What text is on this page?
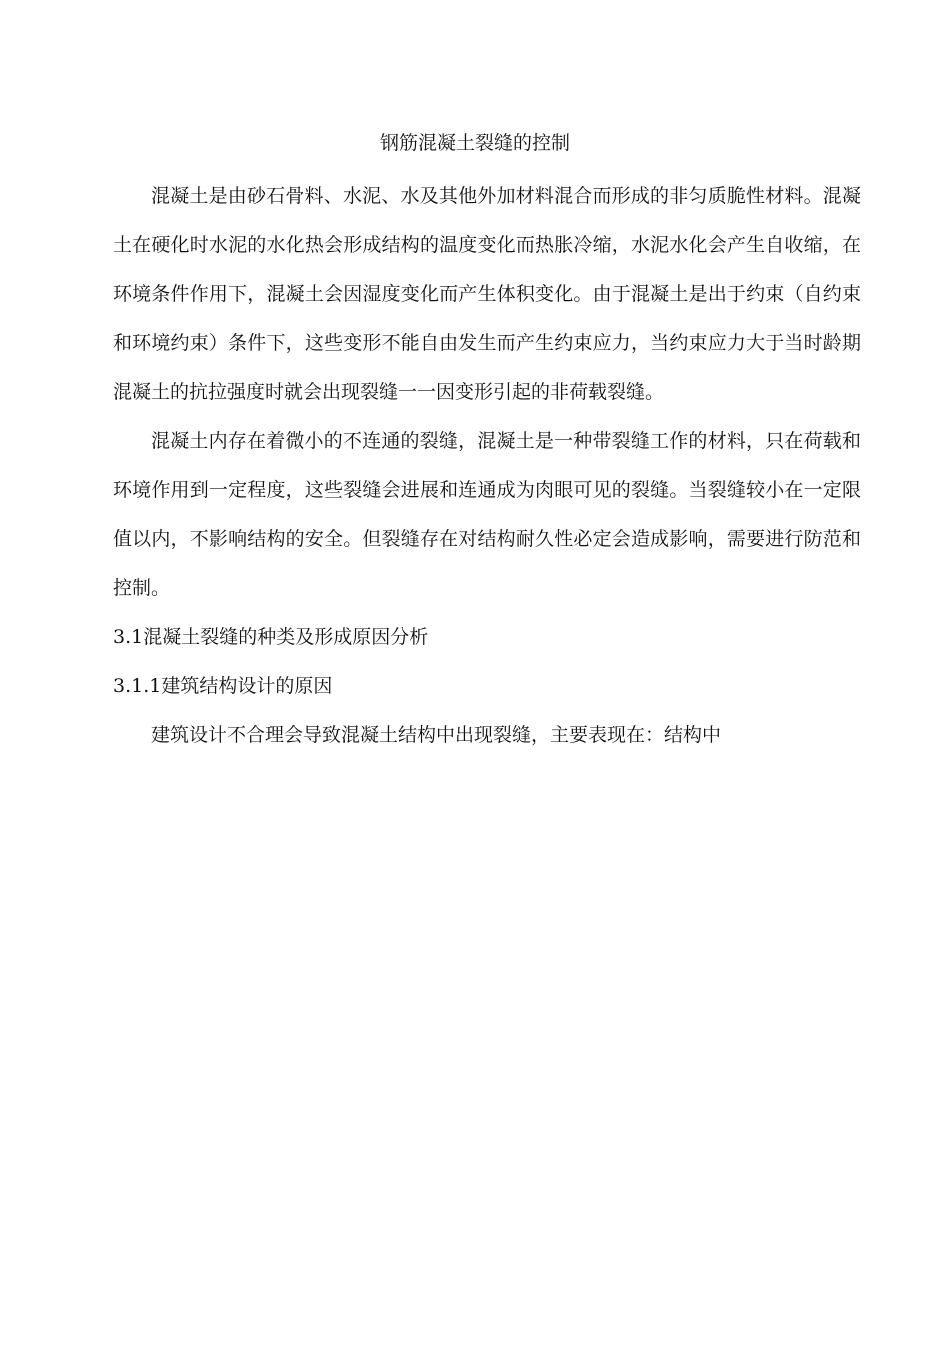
钢筋混凝土裂缝的控制

混凝土是由砂石骨料、水泥、水及其他外加材料混合而形成的非匀质脆性材料。混凝土在硬化时水泥的水化热会形成结构的温度变化而热胀冷缩，水泥水化会产生自收缩，在环境条件作用下，混凝土会因湿度变化而产生体积变化。由于混凝土是出于约束（自约束和环境约束）条件下，这些变形不能自由发生而产生约束应力，当约束应力大于当时龄期混凝土的抗拉强度时就会出现裂缝一一因变形引起的非荷载裂缝。

混凝土内存在着微小的不连通的裂缝，混凝土是一种带裂缝工作的材料，只在荷载和环境作用到一定程度，这些裂缝会进展和连通成为肉眼可见的裂缝。当裂缝较小在一定限值以内，不影响结构的安全。但裂缝存在对结构耐久性必定会造成影响，需要进行防范和控制。

3.1混凝土裂缝的种类及形成原因分析

3.1.1建筑结构设计的原因

建筑设计不合理会导致混凝土结构中出现裂缝，主要表现在：结构中
